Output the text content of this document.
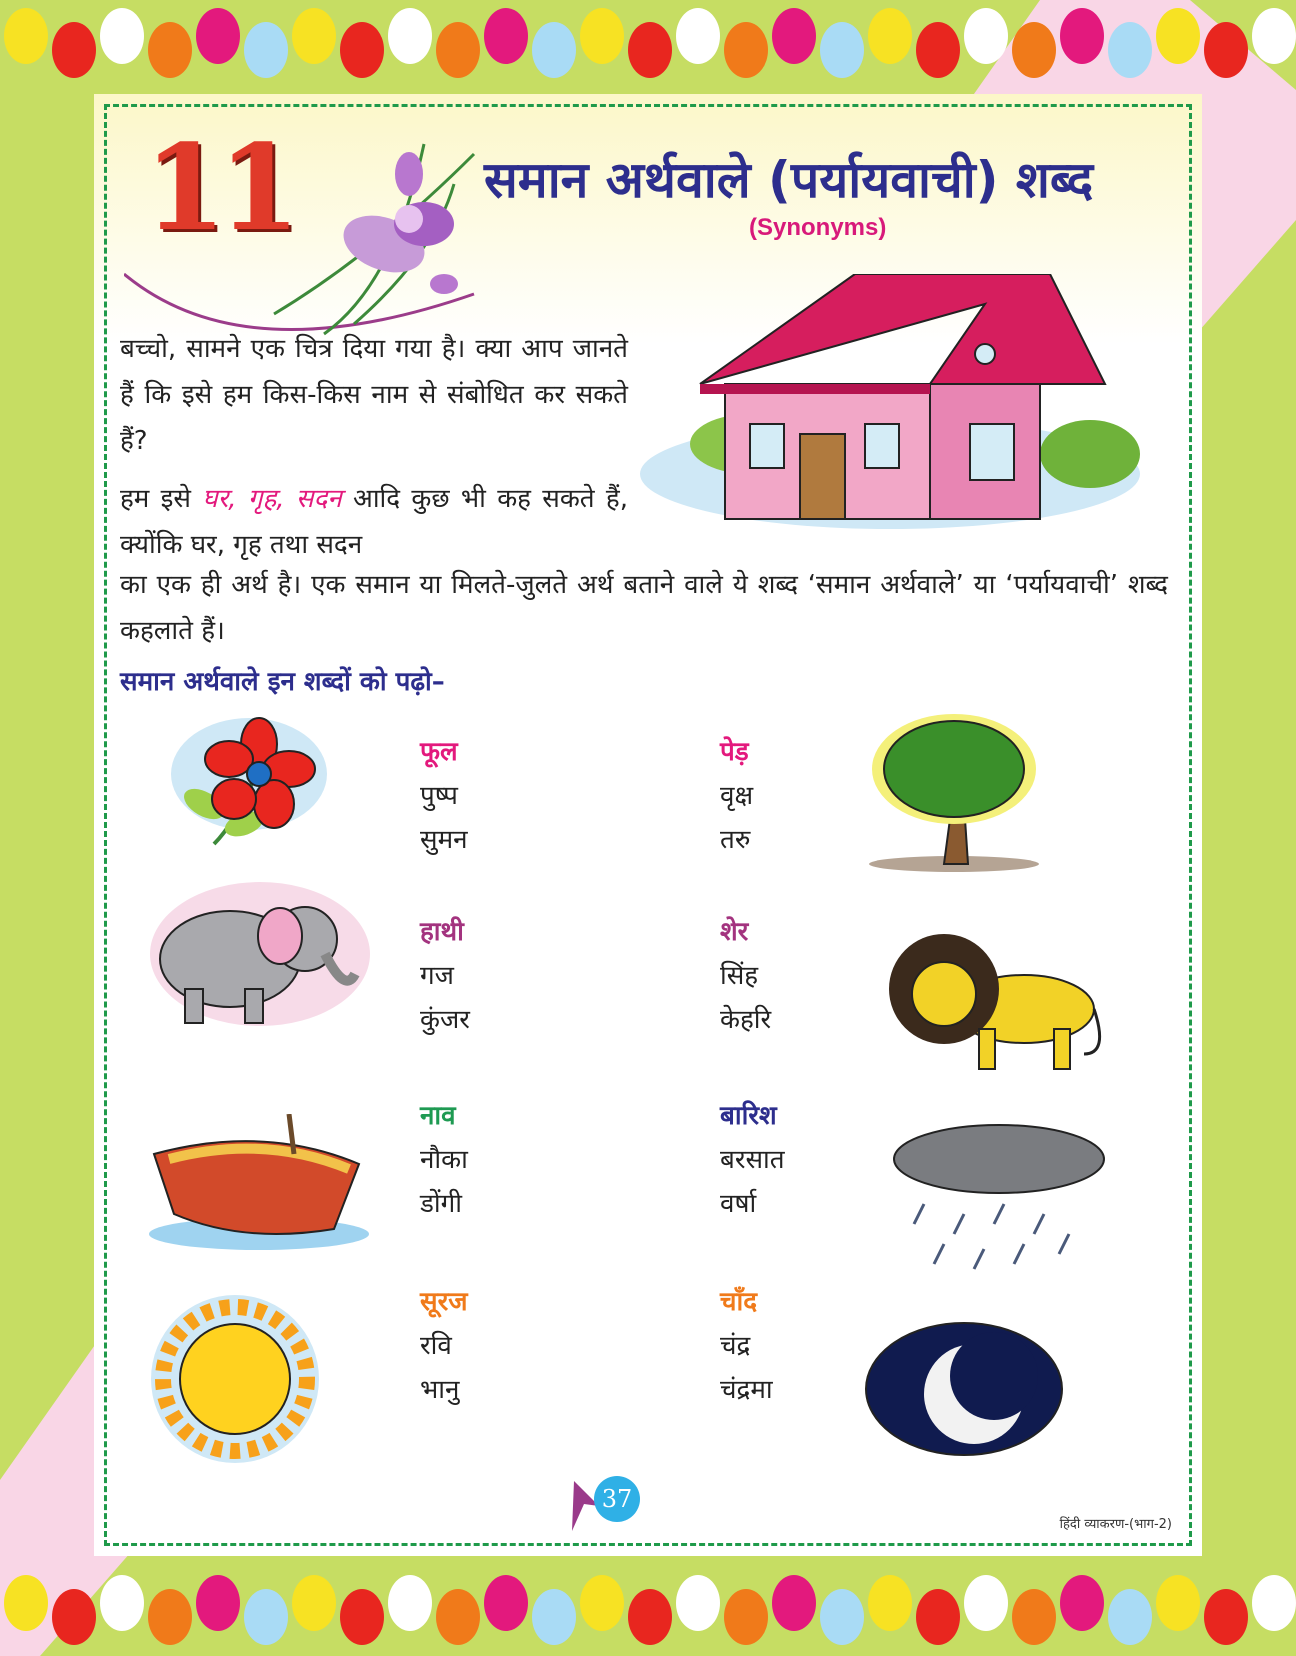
11	समान अर्थवाले (पर्यायवाची) शब्द
(Synonyms)
बच्चो, सामने एक चित्र दिया गया है। क्या आप जानते हैं कि इसे हम किस-किस नाम से संबोधित कर सकते हैं?
हम इसे घर, गृह, सदन आदि कुछ भी कह सकते हैं, क्योंकि घर, गृह तथा सदन
का एक ही अर्थ है। एक समान या मिलते-जुलते अर्थ बताने वाले ये शब्द ‘समान अर्थवाले’ या ‘पर्यायवाची’ शब्द कहलाते हैं।
समान अर्थवाले इन शब्दों को पढ़ो–
फूल
पुष्प
सुमन
पेड़
वृक्ष
तरु
हाथी
गज
कुंजर
शेर
सिंह
केहरि
नाव
नौका
डोंगी
बारिश
बरसात
वर्षा
सूरज
रवि
भानु
चाँद
चंद्र
चंद्रमा
37
हिंदी व्याकरण-(भाग-2)
